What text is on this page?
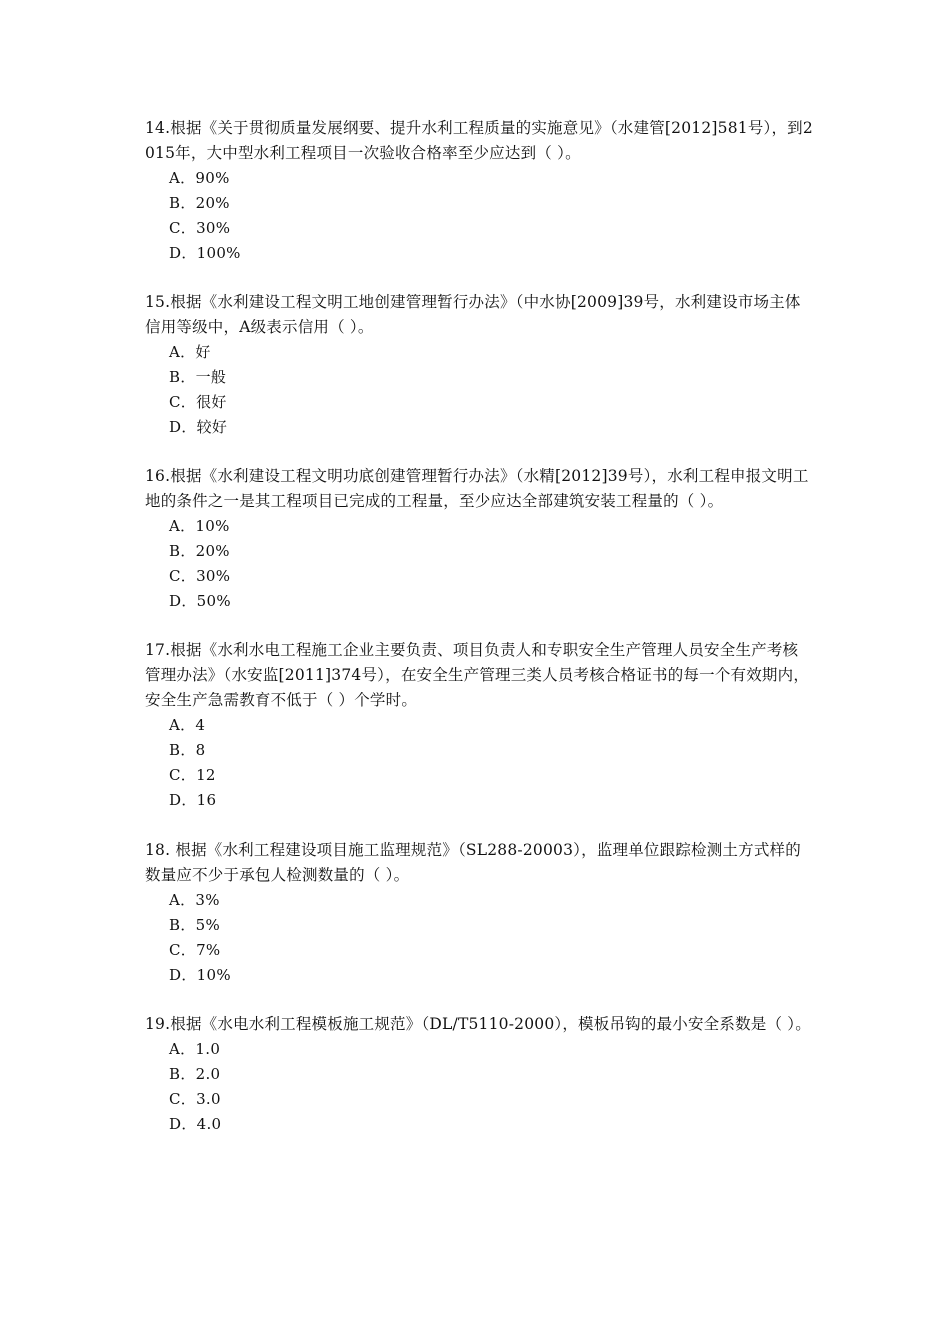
14.根据《关于贯彻质量发展纲要、提升水利工程质量的实施意见》（水建管[2012]581号），到2015年，大中型水利工程项目一次验收合格率至少应达到（ ）。

A．90%
B．20%
C．30%
D．100%

15.根据《水利建设工程文明工地创建管理暂行办法》（中水协[2009]39号，水利建设市场主体信用等级中，A级表示信用（ ）。

A．好
B．一般
C．很好
D．较好

16.根据《水利建设工程文明功底创建管理暂行办法》（水精[2012]39号），水利工程申报文明工地的条件之一是其工程项目已完成的工程量，至少应达全部建筑安装工程量的（ ）。

A．10%
B．20%
C．30%
D．50%

17.根据《水利水电工程施工企业主要负责、项目负责人和专职安全生产管理人员安全生产考核管理办法》（水安监[2011]374号），在安全生产管理三类人员考核合格证书的每一个有效期内，安全生产急需教育不低于（ ）个学时。

A．4
B．8
C．12
D．16

18. 根据《水利工程建设项目施工监理规范》（SL288-20003），监理单位跟踪检测土方式样的数量应不少于承包人检测数量的（ ）。

A．3%
B．5%
C．7%
D．10%

19.根据《水电水利工程模板施工规范》（DL/T5110-2000），模板吊钩的最小安全系数是（ ）。

A．1.0
B．2.0
C．3.0
D．4.0
